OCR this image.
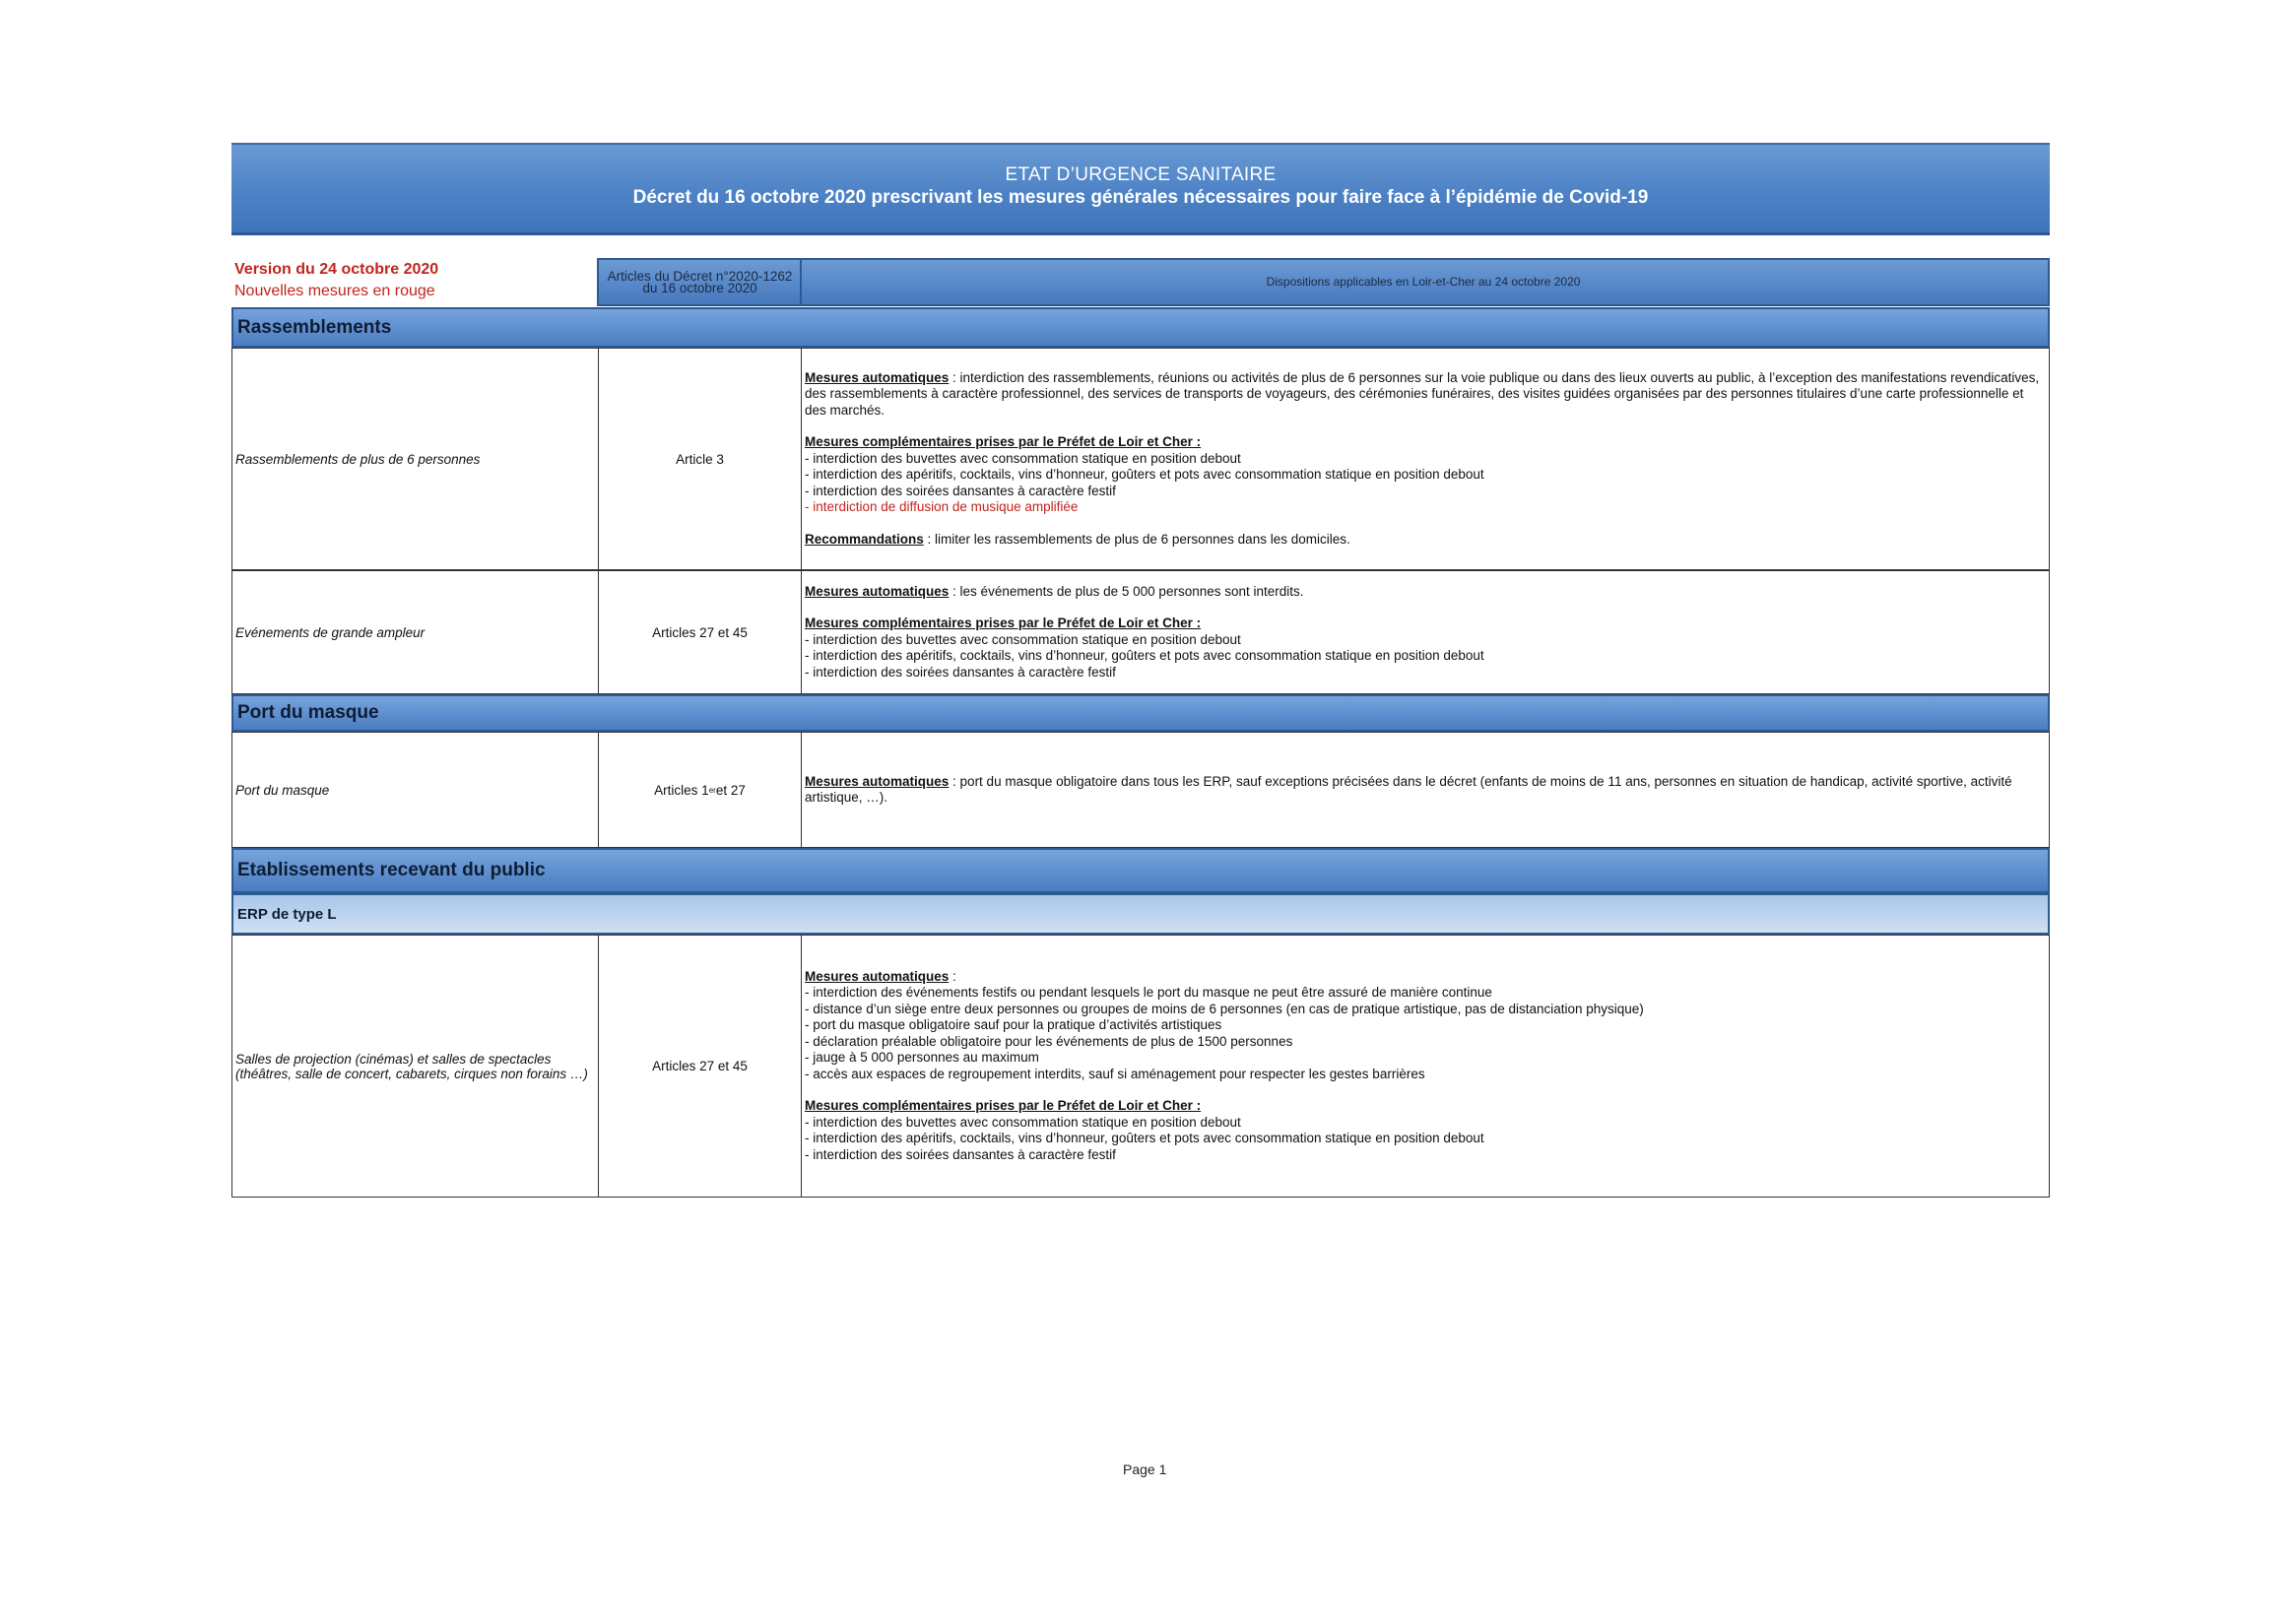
ETAT D’URGENCE SANITAIRE
Décret du 16 octobre 2020 prescrivant les mesures générales nécessaires pour faire face à l’épidémie de Covid-19
Version du 24 octobre 2020
Nouvelles mesures en rouge
Articles du Décret n°2020-1262 du 16 octobre 2020	Dispositions applicables en Loir-et-Cher au 24 octobre 2020
Rassemblements
Rassemblements de plus de 6 personnes	Article 3
Mesures automatiques : interdiction des rassemblements, réunions ou activités de plus de 6 personnes sur la voie publique ou dans des lieux ouverts au public, à l’exception des manifestations revendicatives, des rassemblements à caractère professionnel, des services de transports de voyageurs, des cérémonies funéraires, des visites guidées organisées par des personnes titulaires d’une carte professionnelle et des marchés.
Mesures complémentaires prises par le Préfet de Loir et Cher :
- interdiction des buvettes avec consommation statique en position debout
- interdiction des apéritifs, cocktails, vins d’honneur, goûters et pots avec consommation statique en position debout
- interdiction des soirées dansantes à caractère festif
- interdiction de diffusion de musique amplifiée
Recommandations : limiter les rassemblements de plus de 6 personnes dans les domiciles.
Evénements de grande ampleur	Articles 27 et 45
Mesures automatiques : les événements de plus de 5 000 personnes sont interdits.
Mesures complémentaires prises par le Préfet de Loir et Cher :
- interdiction des buvettes avec consommation statique en position debout
- interdiction des apéritifs, cocktails, vins d’honneur, goûters et pots avec consommation statique en position debout
- interdiction des soirées dansantes à caractère festif
Port du masque
Port du masque	Articles 1 er et 27
Mesures automatiques : port du masque obligatoire dans tous les ERP, sauf exceptions précisées dans le décret (enfants de moins de 11 ans, personnes en situation de handicap, activité sportive, activité artistique, …).
Etablissements recevant du public
ERP de type L
Salles de projection (cinémas) et salles de spectacles (théâtres, salle de concert, cabarets, cirques non forains …)	Articles 27 et 45
Mesures automatiques :
- interdiction des événements festifs ou pendant lesquels le port du masque ne peut être assuré de manière continue
- distance d’un siège entre deux personnes ou groupes de moins de 6 personnes (en cas de pratique artistique, pas de distanciation physique)
- port du masque obligatoire sauf pour la pratique d’activités artistiques
- déclaration préalable obligatoire pour les événements de plus de 1500 personnes
- jauge à 5 000 personnes au maximum
- accès aux espaces de regroupement interdits, sauf si aménagement pour respecter les gestes barrières
Mesures complémentaires prises par le Préfet de Loir et Cher :
- interdiction des buvettes avec consommation statique en position debout
- interdiction des apéritifs, cocktails, vins d’honneur, goûters et pots avec consommation statique en position debout
- interdiction des soirées dansantes à caractère festif
Page 1
